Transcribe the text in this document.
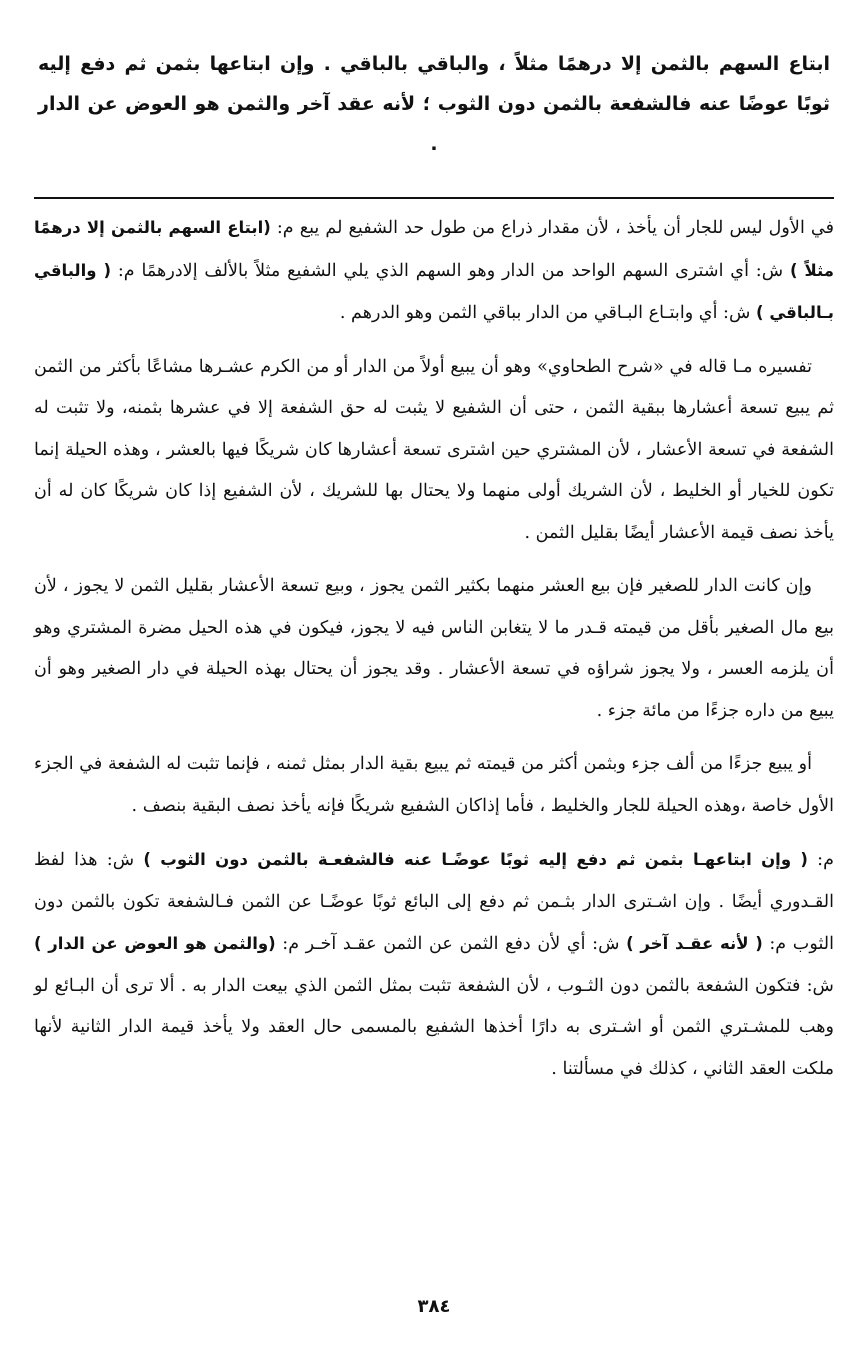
ابتاع السهم بالثمن إلا درهمًا مثلاً ، والباقي بالباقي . وإن ابتاعها بثمن ثم دفع إليه ثوبًا عوضًا عنه فالشفعة بالثمن دون الثوب ؛ لأنه عقد آخر والثمن هو العوض عن الدار .

في الأول ليس للجار أن يأخذ ، لأن مقدار ذراع من طول حد الشفيع لم يبع م: (ابتاع السهم بالثمن إلا درهمًا مثلاً ) ش: أي اشترى السهم الواحد من الدار وهو السهم الذي يلي الشفيع مثلاً بالألف إلادرهمًا م: ( والباقي بـالباقي ) ش: أي وابتـاع البـاقي من الدار بباقي الثمن وهو الدرهم .

تفسيره مـا قاله في «شرح الطحاوي» وهو أن يبيع أولاً من الدار أو من الكرم عشـرها مشاعًا بأكثر من الثمن ثم يبيع تسعة أعشارها ببقية الثمن ، حتى أن الشفيع لا يثبت له حق الشفعة إلا في عشرها بثمنه، ولا تثبت له الشفعة في تسعة الأعشار ، لأن المشتري حين اشترى تسعة أعشارها كان شريكًا فيها بالعشر ، وهذه الحيلة إنما تكون للخيار أو الخليط ، لأن الشريك أولى منهما ولا يحتال بها للشريك ، لأن الشفيع إذا كان شريكًا كان له أن يأخذ نصف قيمة الأعشار أيضًا بقليل الثمن .

وإن كانت الدار للصغير فإن بيع العشر منهما بكثير الثمن يجوز ، وبيع تسعة الأعشار بقليل الثمن لا يجوز ، لأن بيع مال الصغير بأقل من قيمته قـدر ما لا يتغابن الناس فيه لا يجوز، فيكون في هذه الحيل مضرة المشتري وهو أن يلزمه العسر ، ولا يجوز شراؤه في تسعة الأعشار . وقد يجوز أن يحتال بهذه الحيلة في دار الصغير وهو أن يبيع من داره جزءًا من مائة جزء .

أو يبيع جزءًا من ألف جزء وبثمن أكثر من قيمته ثم يبيع بقية الدار بمثل ثمنه ، فإنما تثبت له الشفعة في الجزء الأول خاصة ،وهذه الحيلة للجار والخليط ، فأما إذاكان الشفيع شريكًا فإنه يأخذ نصف البقية بنصف .

م: ( وإن ابتاعهـا بثمن ثم دفع إليه ثوبًا عوضًـا عنه فالشفعـة بالثمن دون الثوب ) ش: هذا لفظ القـدوري أيضًا . وإن اشـترى الدار بثـمن ثم دفع إلى البائع ثوبًا عوضًـا عن الثمن فـالشفعة تكون بالثمن دون الثوب م: ( لأنه عقـد آخر ) ش: أي لأن دفع الثمن عن الثمن عقـد آخـر م: (والثمن هو العوض عن الدار ) ش: فتكون الشفعة بالثمن دون الثـوب ، لأن الشفعة تثبت بمثل الثمن الذي بيعت الدار به . ألا ترى أن البـائع لو وهب للمشـتري الثمن أو اشـترى به دارًا أخذها الشفيع بالمسمى حال العقد ولا يأخذ قيمة الدار الثانية لأنها ملكت العقد الثاني ، كذلك في مسألتنا .

٣٨٤
